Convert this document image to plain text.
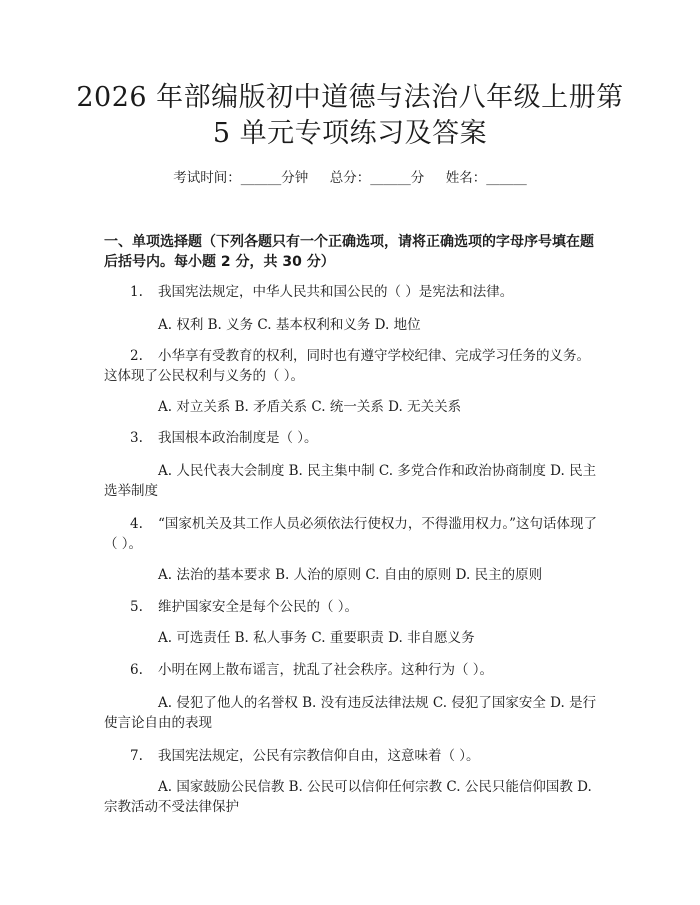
2026 年部编版初中道德与法治八年级上册第
5 单元专项练习及答案
考试时间：______分钟     总分：______分     姓名：______
一、单项选择题（下列各题只有一个正确选项，请将正确选项的字母序号填在题后括号内。每小题 2 分，共 30 分）
1. 我国宪法规定，中华人民共和国公民的（ ）是宪法和法律。
A. 权利 B. 义务 C. 基本权利和义务 D. 地位
2. 小华享有受教育的权利，同时也有遵守学校纪律、完成学习任务的义务。这体现了公民权利与义务的（ ）。
A. 对立关系 B. 矛盾关系 C. 统一关系 D. 无关关系
3. 我国根本政治制度是（ ）。
A. 人民代表大会制度 B. 民主集中制 C. 多党合作和政治协商制度 D. 民主选举制度
4. “国家机关及其工作人员必须依法行使权力，不得滥用权力。”这句话体现了（ ）。
A. 法治的基本要求 B. 人治的原则 C. 自由的原则 D. 民主的原则
5. 维护国家安全是每个公民的（ ）。
A. 可选责任 B. 私人事务 C. 重要职责 D. 非自愿义务
6. 小明在网上散布谣言，扰乱了社会秩序。这种行为（ ）。
A. 侵犯了他人的名誉权 B. 没有违反法律法规 C. 侵犯了国家安全 D. 是行使言论自由的表现
7. 我国宪法规定，公民有宗教信仰自由，这意味着（ ）。
A. 国家鼓励公民信教 B. 公民可以信仰任何宗教 C. 公民只能信仰国教 D. 宗教活动不受法律保护
